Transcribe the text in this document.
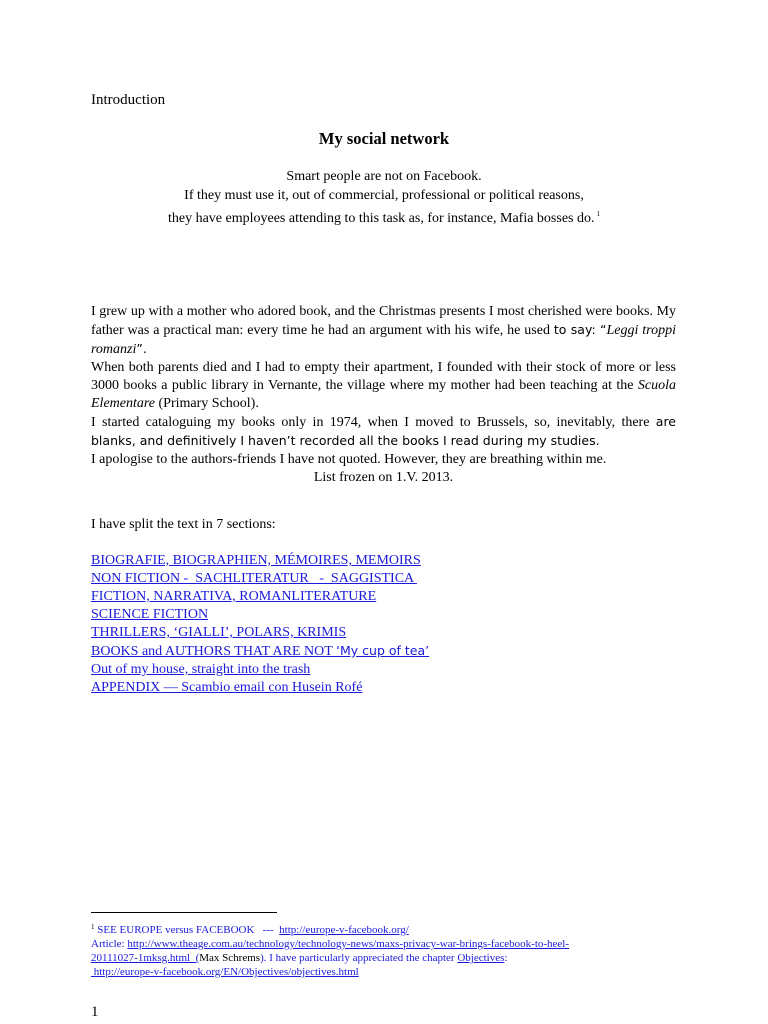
Introduction
My social network
Smart people are not on Facebook.
If they must use it, out of commercial, professional or political reasons,
they have employees attending to this task as, for instance, Mafia bosses do. $^1$

I grew up with a mother who adored book, and the Christmas presents I most cherished were books. My father was a practical man: every time he had an argument with his wife, he used to say: “Leggi troppi romanzi”.

When both parents died and I had to empty their apartment, I founded with their stock of more or less 3000 books a public library in Vernante, the village where my mother had been teaching at the Scuola Elementare (Primary School).

I started cataloguing my books only in 1974, when I moved to Brussels, so, inevitably, there are blanks, and definitively I haven’t recorded all the books I read during my studies.

I apologise to the authors-friends I have not quoted. However, they are breathing within me.

List frozen on 1.V. 2013.

I have split the text in 7 sections:
BIOGRAFIE, BIOGRAPHIEN, MÉMOIRES, MEMOIRS
NON FICTION -  SACHLITERATUR   -  SAGGISTICA
FICTION, NARRATIVA, ROMANLITERATURE
SCIENCE FICTION
THRILLERS, ‘GIALLI’, POLARS, KRIMIS
BOOKS and AUTHORS THAT ARE NOT ‘My cup of tea’
Out of my house, straight into the trash
APPENDIX — Scambio email con Husein Rofé
$^1$ SEE EUROPE versus FACEBOOK   ---  http://europe-v-facebook.org/
Article: http://www.theage.com.au/technology/technology-news/maxs-privacy-war-brings-facebook-to-heel-
20111027-1mksg.html  (Max Schrems). I have particularly appreciated the chapter Objectives:
http://europe-v-facebook.org/EN/Objectives/objectives.html
1
